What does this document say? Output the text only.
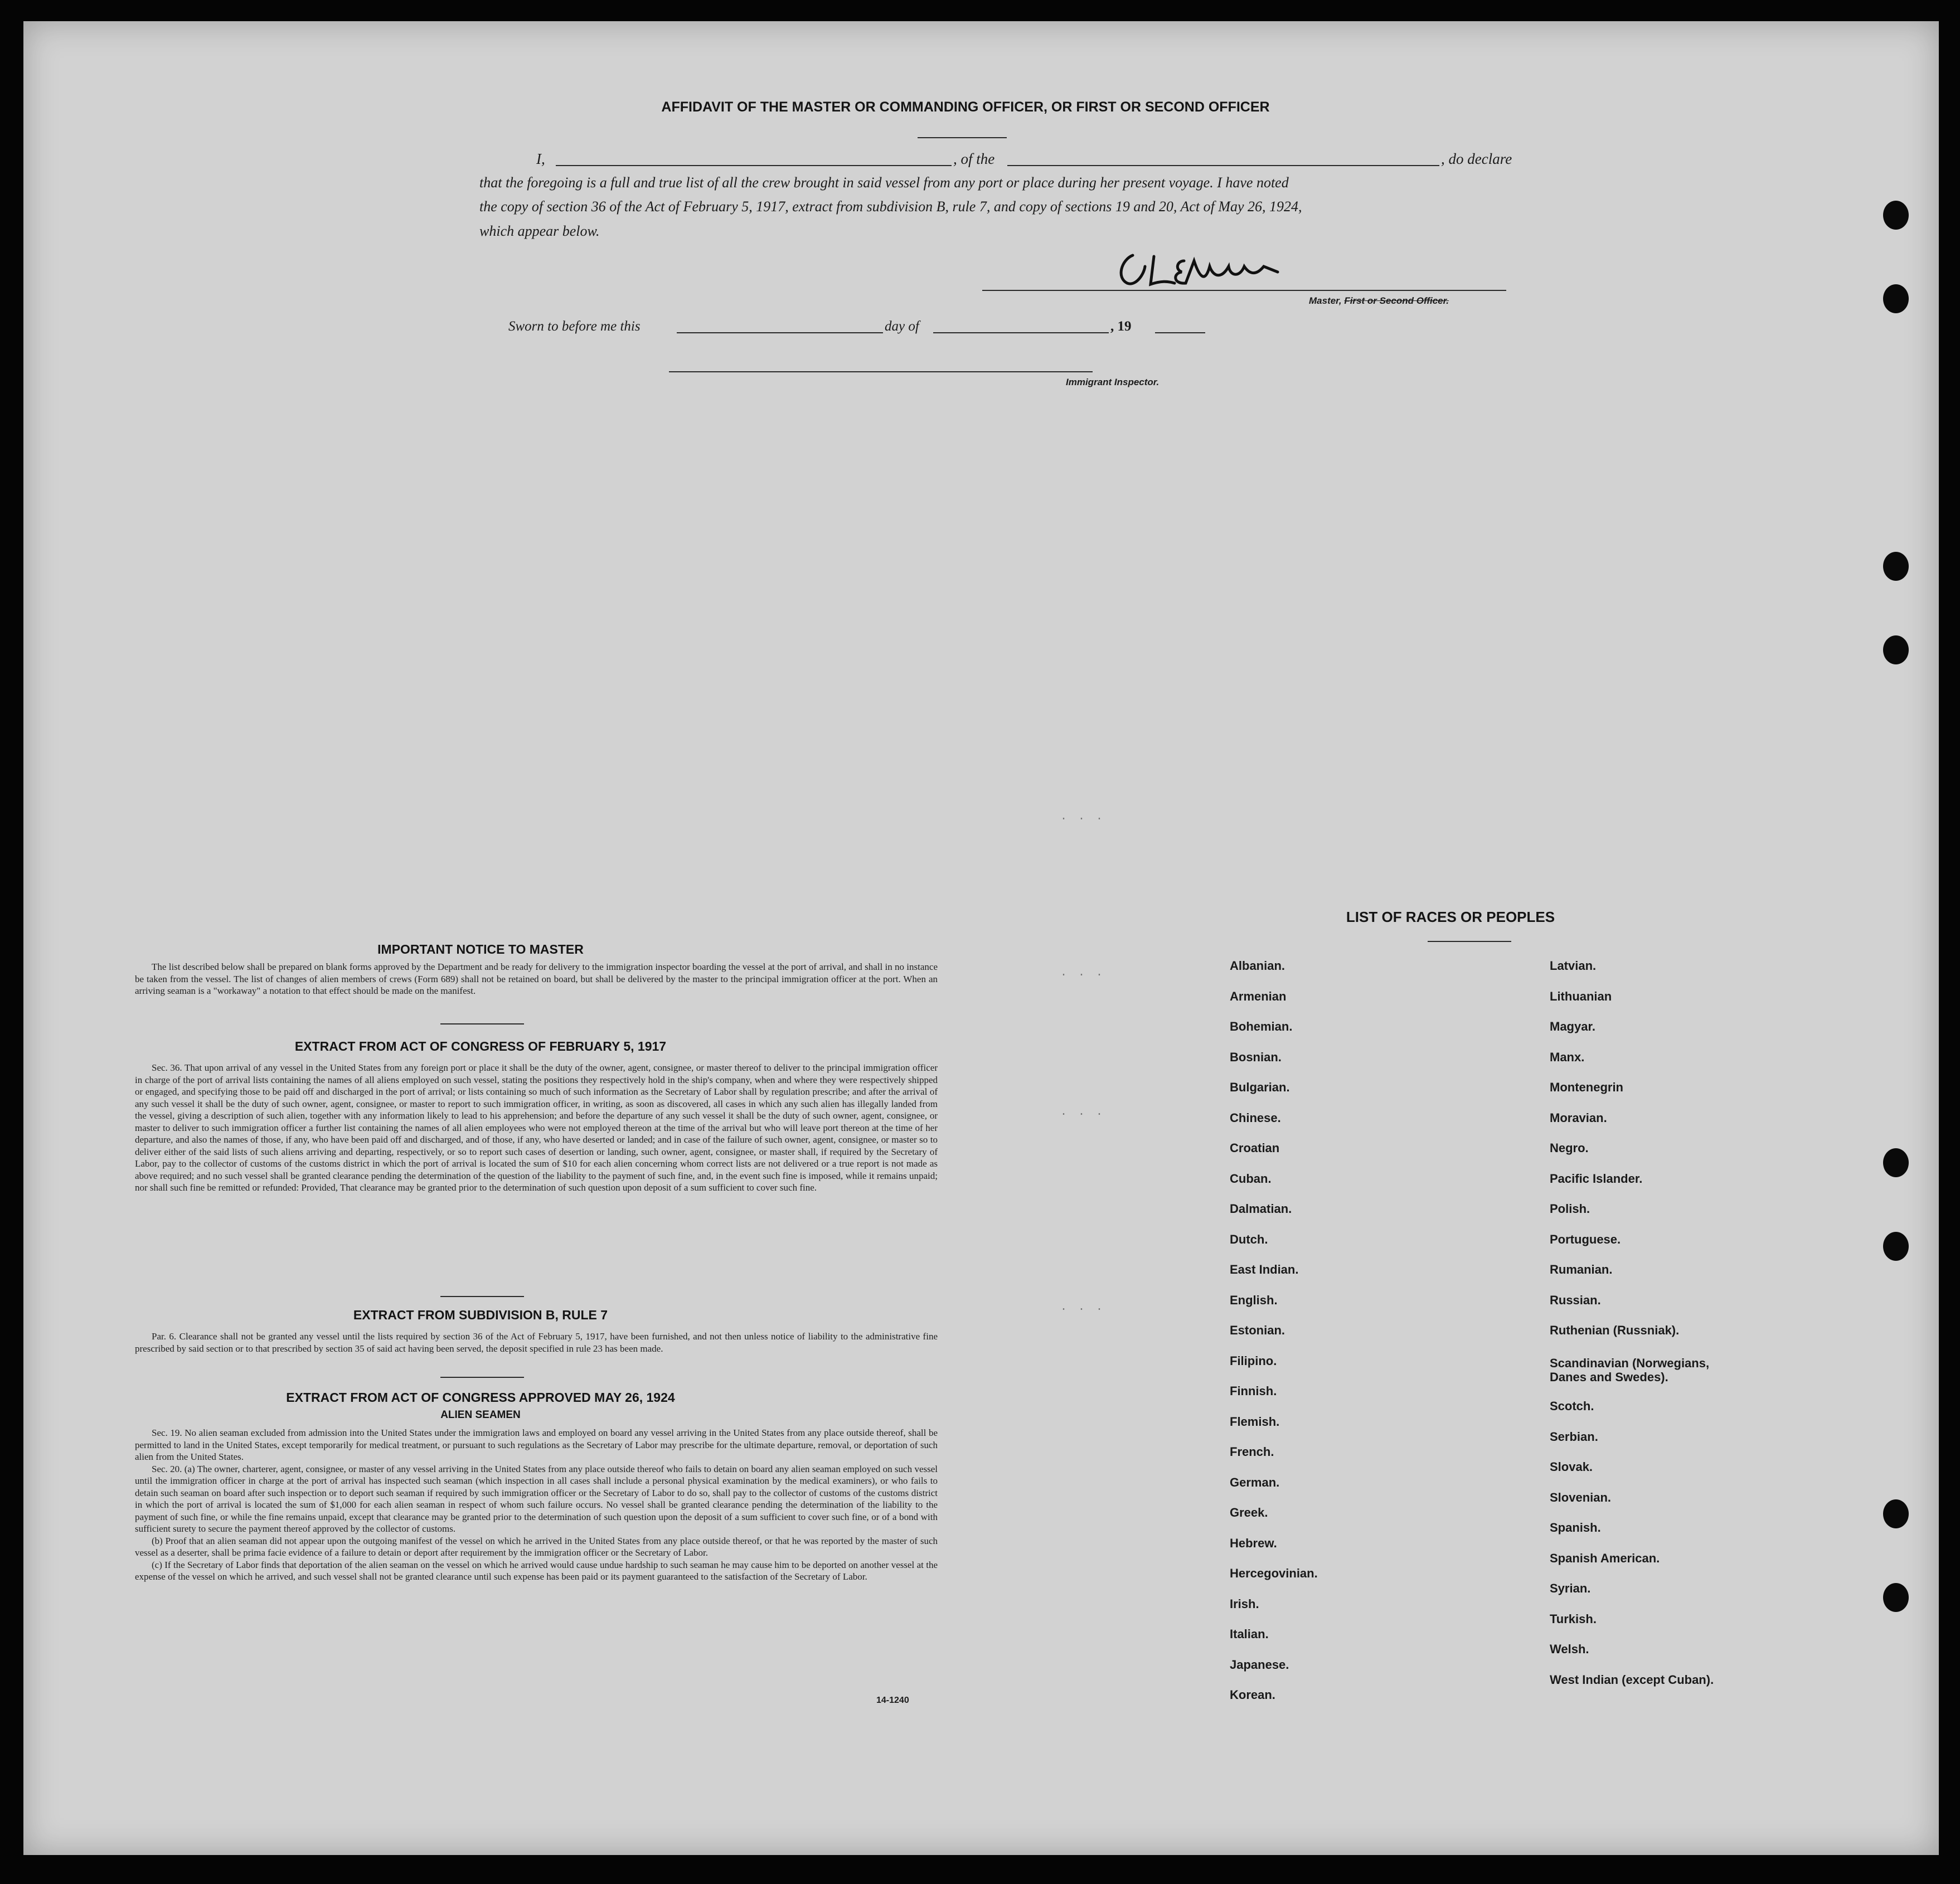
· · ·
· · ·
· · ·
· · ·
AFFIDAVIT OF THE MASTER OR COMMANDING OFFICER, OR FIRST OR SECOND OFFICER
I,	, of the	, do declare
that the foregoing is a full and true list of all the crew brought in said vessel from any port or place during her present voyage. I have noted
the copy of section 36 of the Act of February 5, 1917, extract from subdivision B, rule 7, and copy of sections 19 and 20, Act of May 26, 1924,
which appear below.
Master, First or Second Officer.
Sworn to before me this	day of	, 19
Immigrant Inspector.
IMPORTANT NOTICE TO MASTER

The list described below shall be prepared on blank forms approved by the Department and be ready for delivery to the immigration inspector boarding the vessel at the port of arrival, and shall in no instance be taken from the vessel. The list of changes of alien members of crews (Form 689) shall not be retained on board, but shall be delivered by the master to the principal immigration officer at the port. When an arriving seaman is a "workaway" a notation to that effect should be made on the manifest.

EXTRACT FROM ACT OF CONGRESS OF FEBRUARY 5, 1917

Sec. 36. That upon arrival of any vessel in the United States from any foreign port or place it shall be the duty of the owner, agent, consignee, or master thereof to deliver to the principal immigration officer in charge of the port of arrival lists containing the names of all aliens employed on such vessel, stating the positions they respectively hold in the ship's company, when and where they were respectively shipped or engaged, and specifying those to be paid off and discharged in the port of arrival; or lists containing so much of such information as the Secretary of Labor shall by regulation prescribe; and after the arrival of any such vessel it shall be the duty of such owner, agent, consignee, or master to report to such immigration officer, in writing, as soon as discovered, all cases in which any such alien has illegally landed from the vessel, giving a description of such alien, together with any information likely to lead to his apprehension; and before the departure of any such vessel it shall be the duty of such owner, agent, consignee, or master to deliver to such immigration officer a further list containing the names of all alien employees who were not employed thereon at the time of the arrival but who will leave port thereon at the time of her departure, and also the names of those, if any, who have been paid off and discharged, and of those, if any, who have deserted or landed; and in case of the failure of such owner, agent, consignee, or master so to deliver either of the said lists of such aliens arriving and departing, respectively, or so to report such cases of desertion or landing, such owner, agent, consignee, or master shall, if required by the Secretary of Labor, pay to the collector of customs of the customs district in which the port of arrival is located the sum of $10 for each alien concerning whom correct lists are not delivered or a true report is not made as above required; and no such vessel shall be granted clearance pending the determination of the question of the liability to the payment of such fine, and, in the event such fine is imposed, while it remains unpaid; nor shall such fine be remitted or refunded: Provided, That clearance may be granted prior to the determination of such question upon deposit of a sum sufficient to cover such fine.

EXTRACT FROM SUBDIVISION B, RULE 7

Par. 6. Clearance shall not be granted any vessel until the lists required by section 36 of the Act of February 5, 1917, have been furnished, and not then unless notice of liability to the administrative fine prescribed by said section or to that prescribed by section 35 of said act having been served, the deposit specified in rule 23 has been made.

EXTRACT FROM ACT OF CONGRESS APPROVED MAY 26, 1924
ALIEN SEAMEN

Sec. 19. No alien seaman excluded from admission into the United States under the immigration laws and employed on board any vessel arriving in the United States from any place outside thereof, shall be permitted to land in the United States, except temporarily for medical treatment, or pursuant to such regulations as the Secretary of Labor may prescribe for the ultimate departure, removal, or deportation of such alien from the United States.

Sec. 20. (a) The owner, charterer, agent, consignee, or master of any vessel arriving in the United States from any place outside thereof who fails to detain on board any alien seaman employed on such vessel until the immigration officer in charge at the port of arrival has inspected such seaman (which inspection in all cases shall include a personal physical examination by the medical examiners), or who fails to detain such seaman on board after such inspection or to deport such seaman if required by such immigration officer or the Secretary of Labor to do so, shall pay to the collector of customs of the customs district in which the port of arrival is located the sum of $1,000 for each alien seaman in respect of whom such failure occurs. No vessel shall be granted clearance pending the determination of the liability to the payment of such fine, or while the fine remains unpaid, except that clearance may be granted prior to the determination of such question upon the deposit of a sum sufficient to cover such fine, or of a bond with sufficient surety to secure the payment thereof approved by the collector of customs.

(b) Proof that an alien seaman did not appear upon the outgoing manifest of the vessel on which he arrived in the United States from any place outside thereof, or that he was reported by the master of such vessel as a deserter, shall be prima facie evidence of a failure to detain or deport after requirement by the immigration officer or the Secretary of Labor.

(c) If the Secretary of Labor finds that deportation of the alien seaman on the vessel on which he arrived would cause undue hardship to such seaman he may cause him to be deported on another vessel at the expense of the vessel on which he arrived, and such vessel shall not be granted clearance until such expense has been paid or its payment guaranteed to the satisfaction of the Secretary of Labor.

14-1240
LIST OF RACES OR PEOPLES
Albanian.
Armenian
Bohemian.
Bosnian.
Bulgarian.
Chinese.
Croatian
Cuban.
Dalmatian.
Dutch.
East Indian.
English.
Estonian.
Filipino.
Finnish.
Flemish.
French.
German.
Greek.
Hebrew.
Hercegovinian.
Irish.
Italian.
Japanese.
Korean.
Latvian.
Lithuanian
Magyar.
Manx.
Montenegrin
Moravian.
Negro.
Pacific Islander.
Polish.
Portuguese.
Rumanian.
Russian.
Ruthenian (Russniak).
Scandinavian (Norwegians, Danes and Swedes).
Scotch.
Serbian.
Slovak.
Slovenian.
Spanish.
Spanish American.
Syrian.
Turkish.
Welsh.
West Indian (except Cuban).
